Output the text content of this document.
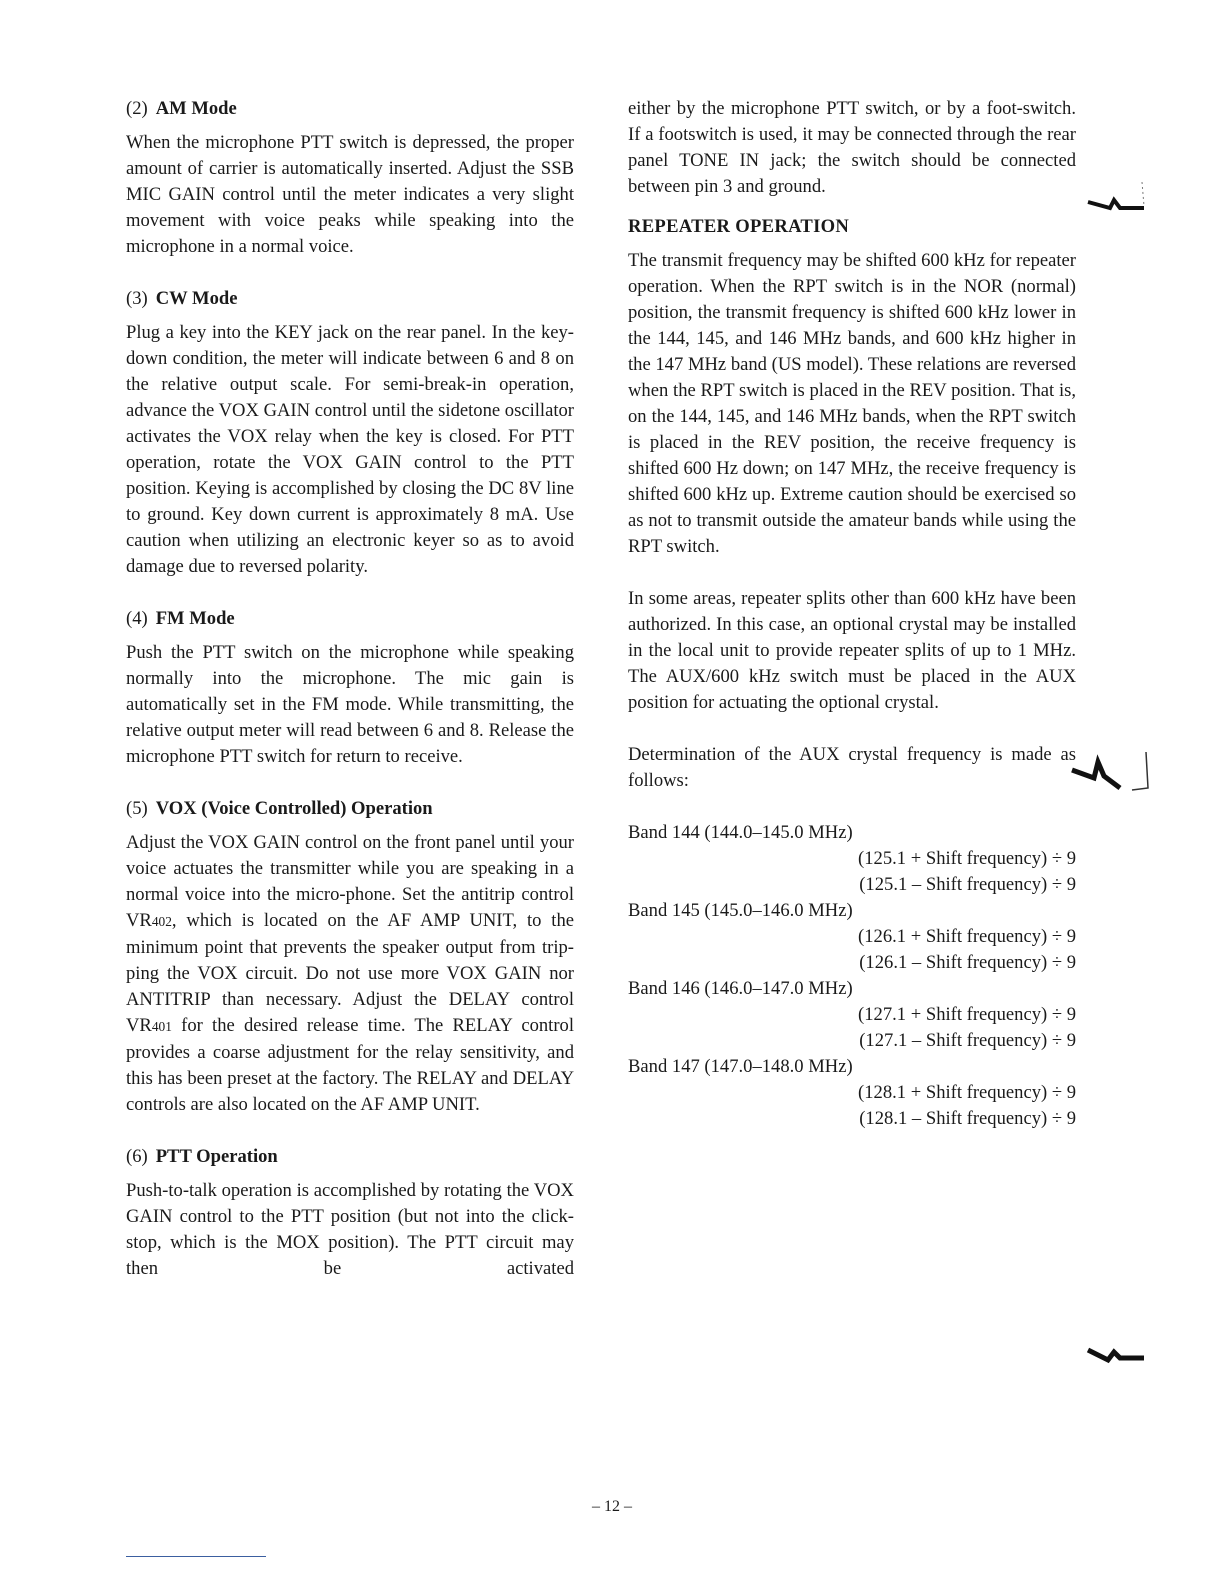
(2) AM Mode

When the microphone PTT switch is depressed, the proper amount of carrier is automatically inserted. Adjust the SSB MIC GAIN control until the meter indicates a very slight movement with voice peaks while speaking into the microphone in a normal voice.

(3) CW Mode

Plug a key into the KEY jack on the rear panel. In the key-down condition, the meter will indicate between 6 and 8 on the relative output scale. For semi-break-in operation, advance the VOX GAIN control until the sidetone oscillator activates the VOX relay when the key is closed. For PTT operation, rotate the VOX GAIN control to the PTT position. Keying is accomplished by closing the DC 8V line to ground. Key down current is approximately 8 mA. Use caution when utilizing an electronic keyer so as to avoid damage due to reversed polarity.

(4) FM Mode

Push the PTT switch on the microphone while speaking normally into the microphone. The mic gain is automatically set in the FM mode. While transmitting, the relative output meter will read between 6 and 8. Release the microphone PTT switch for return to receive.

(5) VOX (Voice Controlled) Operation

Adjust the VOX GAIN control on the front panel until your voice actuates the transmitter while you are speaking in a normal voice into the micro-phone. Set the antitrip control VR402, which is located on the AF AMP UNIT, to the minimum point that prevents the speaker output from trip-ping the VOX circuit. Do not use more VOX GAIN nor ANTITRIP than necessary. Adjust the DELAY control VR401 for the desired release time. The RELAY control provides a coarse adjustment for the relay sensitivity, and this has been preset at the factory. The RELAY and DELAY controls are also located on the AF AMP UNIT.

(6) PTT Operation

Push-to-talk operation is accomplished by rotating the VOX GAIN control to the PTT position (but not into the click-stop, which is the MOX position). The PTT circuit may then be activated

either by the microphone PTT switch, or by a foot-switch. If a footswitch is used, it may be connected through the rear panel TONE IN jack; the switch should be connected between pin 3 and ground.

REPEATER OPERATION

The transmit frequency may be shifted 600 kHz for repeater operation. When the RPT switch is in the NOR (normal) position, the transmit frequency is shifted 600 kHz lower in the 144, 145, and 146 MHz bands, and 600 kHz higher in the 147 MHz band (US model). These relations are reversed when the RPT switch is placed in the REV position. That is, on the 144, 145, and 146 MHz bands, when the RPT switch is placed in the REV position, the receive frequency is shifted 600 Hz down; on 147 MHz, the receive frequency is shifted 600 kHz up. Extreme caution should be exercised so as not to transmit outside the amateur bands while using the RPT switch.

In some areas, repeater splits other than 600 kHz have been authorized. In this case, an optional crystal may be installed in the local unit to provide repeater splits of up to 1 MHz. The AUX/600 kHz switch must be placed in the AUX position for actuating the optional crystal.

Determination of the AUX crystal frequency is made as follows:

Band 144 (144.0–145.0 MHz)
(125.1 + Shift frequency) ÷ 9
(125.1 – Shift frequency) ÷ 9
Band 145 (145.0–146.0 MHz)
(126.1 + Shift frequency) ÷ 9
(126.1 – Shift frequency) ÷ 9
Band 146 (146.0–147.0 MHz)
(127.1 + Shift frequency) ÷ 9
(127.1 – Shift frequency) ÷ 9
Band 147 (147.0–148.0 MHz)
(128.1 + Shift frequency) ÷ 9
(128.1 – Shift frequency) ÷ 9
– 12 –
